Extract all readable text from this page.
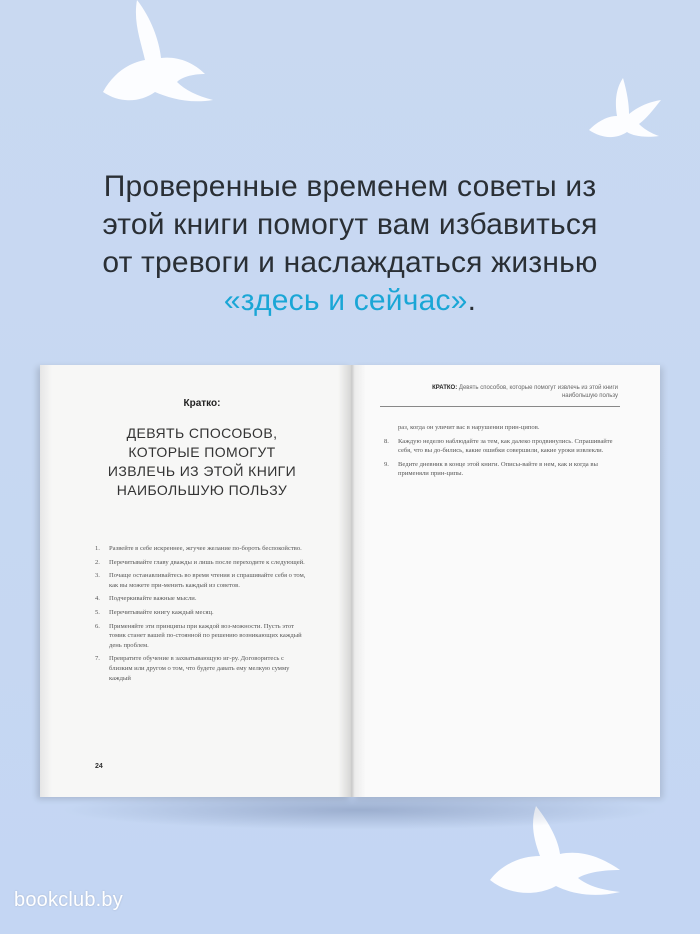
Проверенные временем советы из
этой книги помогут вам избавиться
от тревоги и наслаждаться жизнью
«здесь и сейчас».
Кратко:
ДЕВЯТЬ СПОСОБОВ,
КОТОРЫЕ ПОМОГУТ
ИЗВЛЕЧЬ ИЗ ЭТОЙ КНИГИ
НАИБОЛЬШУЮ ПОЛЬЗУ
1. Развейте в себе искреннее, жгучее желание по-бороть беспокойство.
2. Перечитывайте главу дважды и лишь после переходите к следующей.
3. Почаще останавливайтесь во время чтения и спрашивайте себя о том, как вы можете при-менить каждый из советов.
4. Подчеркивайте важные мысли.
5. Перечитывайте книгу каждый месяц.
6. Применяйте эти принципы при каждой воз-можности. Пусть этот томик станет вашей по-стоянной по решению возникающих каждый день проблем.
7. Превратите обучение в захватывающую иг-ру. Договоритесь с близким или другом о том, что будете давать ему мелкую сумму каждый
24
КРАТКО: Девять способов, которые помогут извлечь из этой книги наибольшую пользу
раз, когда он уличит вас в нарушении прин-ципов.
8. Каждую неделю наблюдайте за тем, как далеко продвинулись. Спрашивайте себя, что вы до-бились, какие ошибки совершили, какие уроки извлекли.
9. Ведите дневник в конце этой книги. Описы-вайте в нем, как и когда вы применяли прин-ципы.
bookclub.by
